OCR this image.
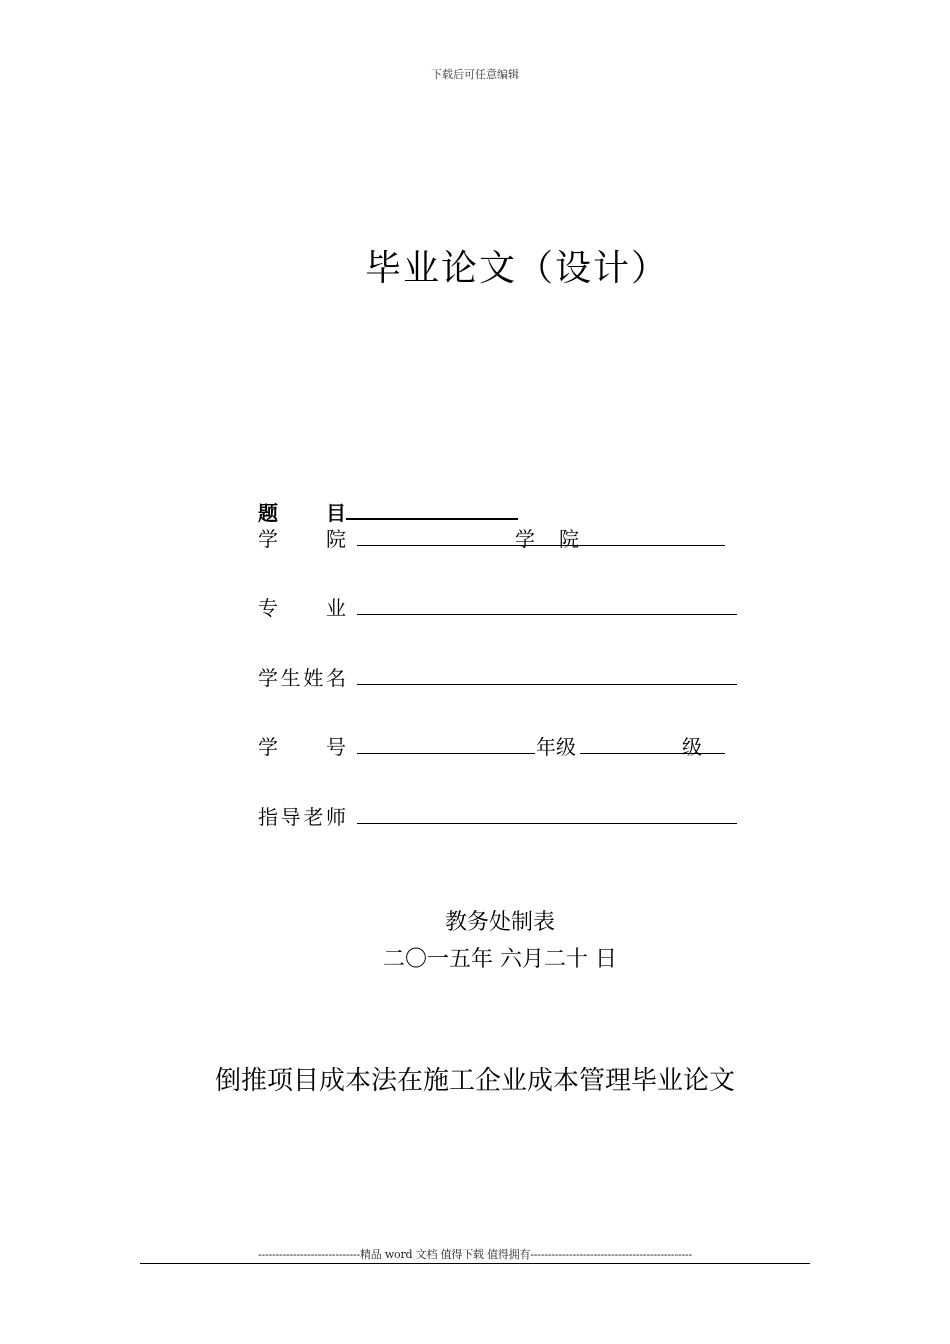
下载后可任意编辑
毕业论文（设计）
题 目
学 院	学 院
专 业
学生姓名
学 号	年级	级
指导老师
教务处制表
二〇一五年 六月二十 日
倒推项目成本法在施工企业成本管理毕业论文
-----------------------------精品 word 文档 值得下载 值得拥有----------------------------------------------
